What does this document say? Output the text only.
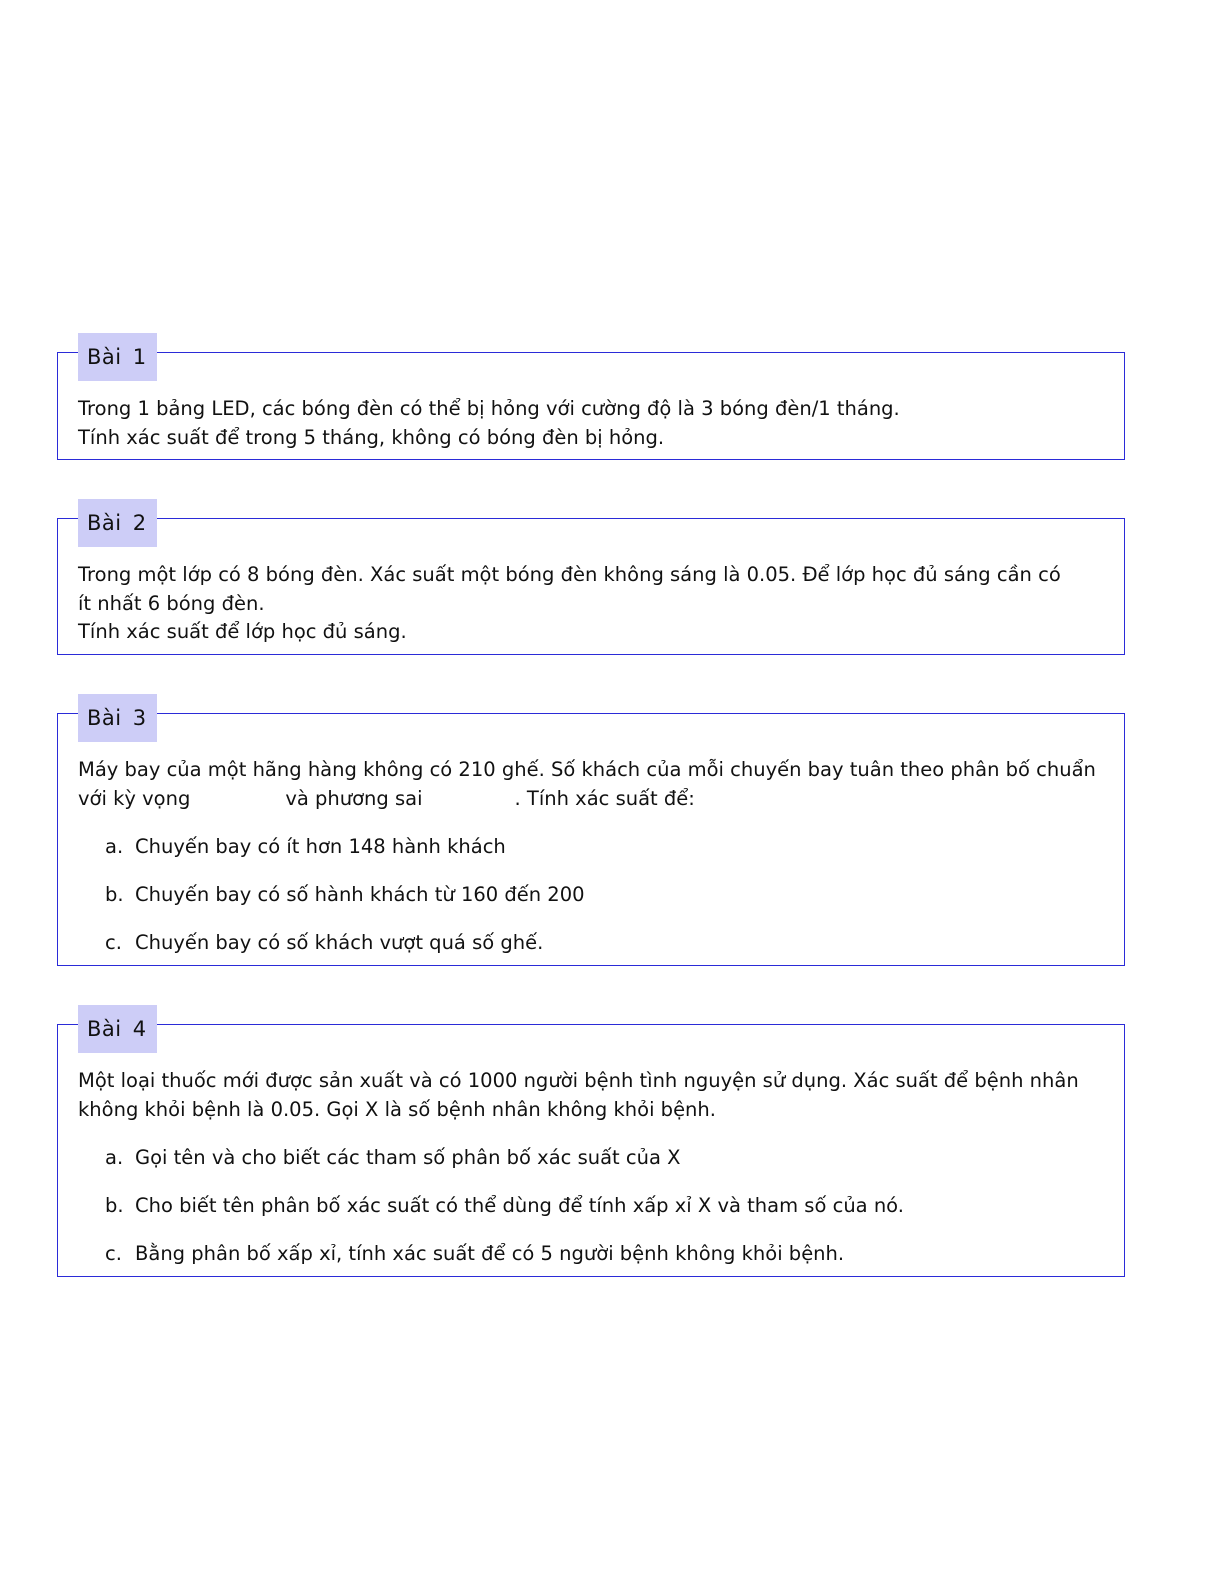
Bài 1
Trong 1 bảng LED, các bóng đèn có thể bị hỏng với cường độ là 3 bóng đèn/1 tháng.
Tính xác suất để trong 5 tháng, không có bóng đèn bị hỏng.
Bài 2
Trong một lớp có 8 bóng đèn. Xác suất một bóng đèn không sáng là 0.05. Để lớp học đủ sáng cần có
ít nhất 6 bóng đèn.
Tính xác suất để lớp học đủ sáng.
Bài 3
Máy bay của một hãng hàng không có 210 ghế. Số khách của mỗi chuyến bay tuân theo phân bố chuẩn
với kỳ vọng	và phương sai	. Tính xác suất để:
a. Chuyến bay có ít hơn 148 hành khách
b. Chuyến bay có số hành khách từ 160 đến 200
c. Chuyến bay có số khách vượt quá số ghế.
Bài 4
Một loại thuốc mới được sản xuất và có 1000 người bệnh tình nguyện sử dụng. Xác suất để bệnh nhân
không khỏi bệnh là 0.05. Gọi X là số bệnh nhân không khỏi bệnh.
a. Gọi tên và cho biết các tham số phân bố xác suất của X
b. Cho biết tên phân bố xác suất có thể dùng để tính xấp xỉ X và tham số của nó.
c. Bằng phân bố xấp xỉ, tính xác suất để có 5 người bệnh không khỏi bệnh.
